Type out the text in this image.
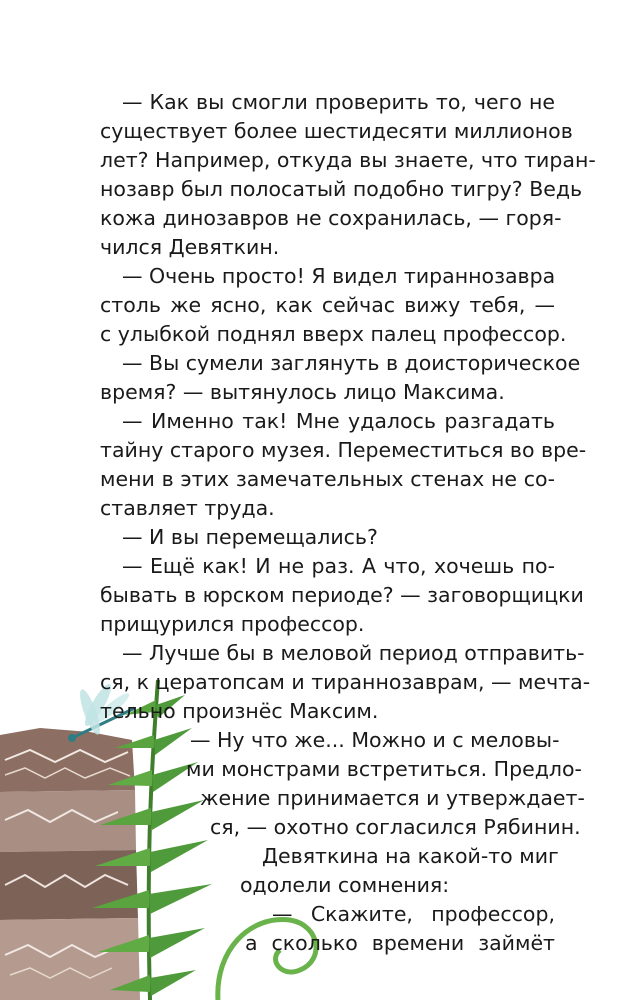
— Как вы смогли проверить то, чего не

существует более шестидесяти миллионов

лет? Например, откуда вы знаете, что тиран-

нозавр был полосатый подобно тигру? Ведь

кожа динозавров не сохранилась, — горя-

чился Девяткин.

— Очень просто! Я видел тираннозавра

столь же ясно, как сейчас вижу тебя, —

с улыбкой поднял вверх палец профессор.

— Вы сумели заглянуть в доисторическое

время? — вытянулось лицо Максима.

— Именно так! Мне удалось разгадать

тайну старого музея. Переместиться во вре-

мени в этих замечательных стенах не со-

ставляет труда.

— И вы перемещались?

— Ещё как! И не раз. А что, хочешь по-

бывать в юрском периоде? — заговорщицки

прищурился профессор.

— Лучше бы в меловой период отправить-

ся, к цератопсам и тираннозаврам, — мечта-

тельно произнёс Максим.

— Ну что же... Можно и с меловы-

ми монстрами встретиться. Предло-

жение принимается и утверждает-

ся, — охотно согласился Рябинин.

Девяткина на какой-то миг

одолели сомнения:

— Скажите, профессор,

а сколько времени займёт
